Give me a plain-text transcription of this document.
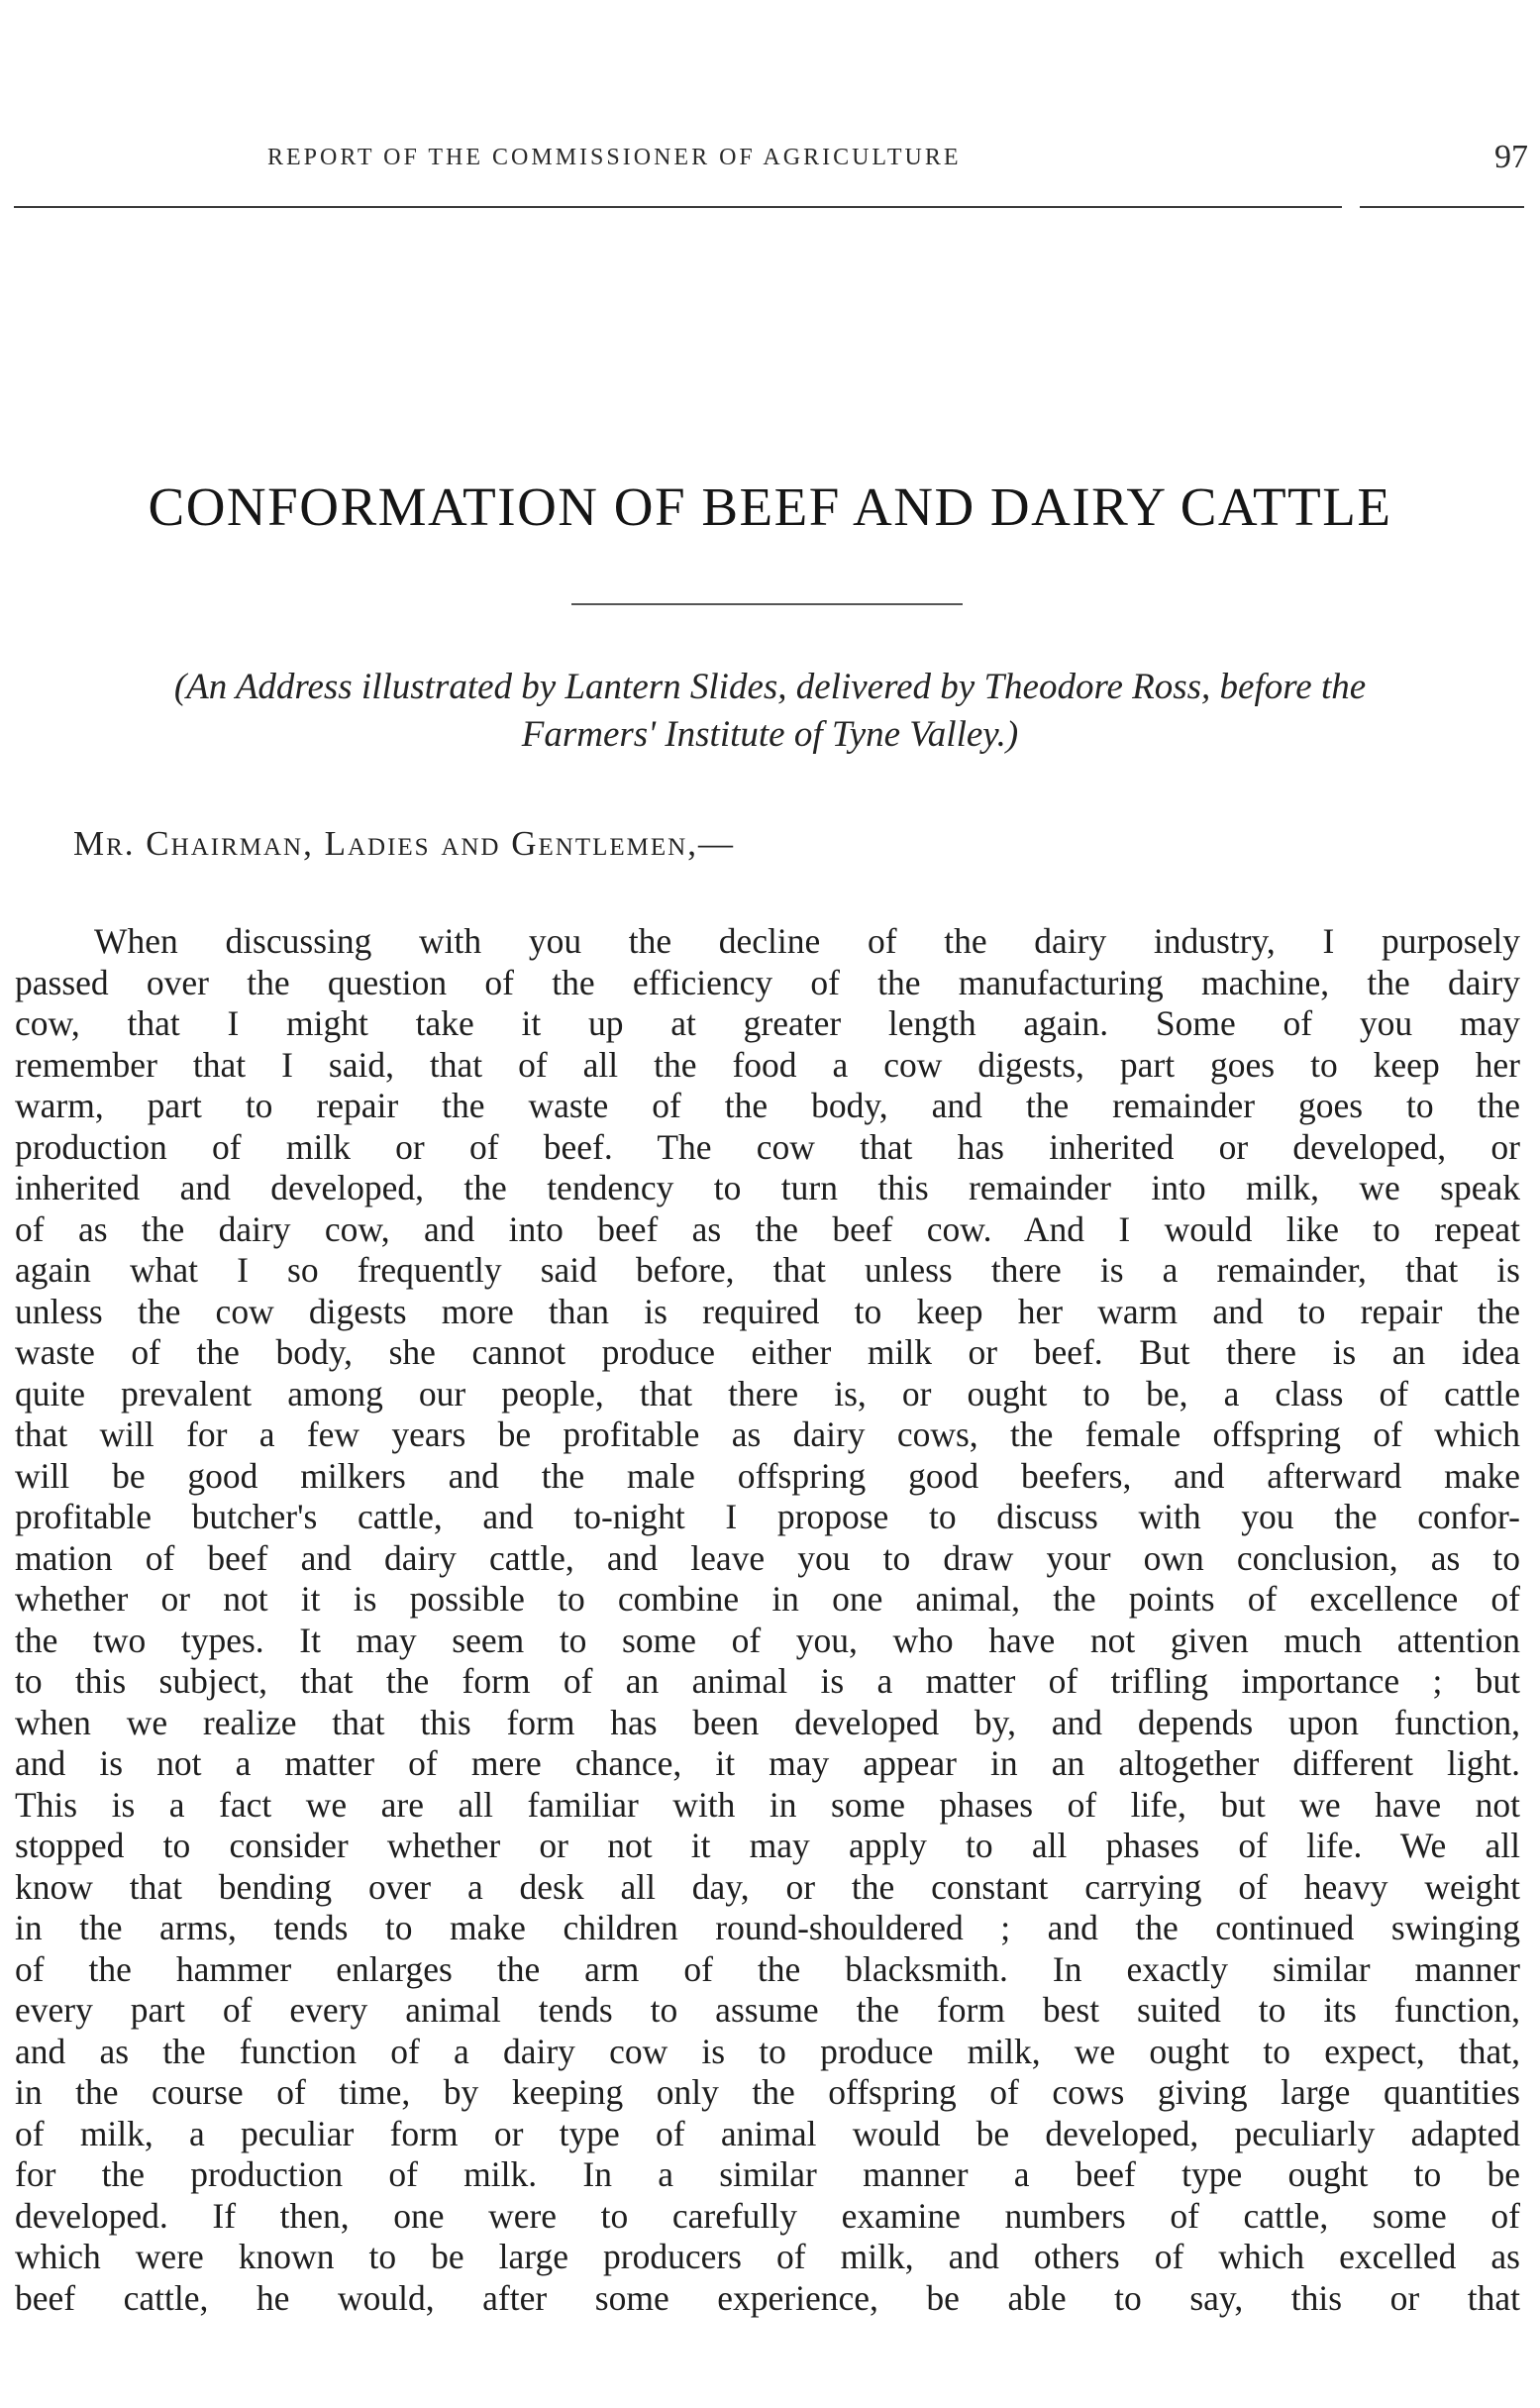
REPORT OF THE COMMISSIONER OF AGRICULTURE	97
CONFORMATION OF BEEF AND DAIRY CATTLE
(An Address illustrated by Lantern Slides, delivered by Theodore Ross, before the
Farmers' Institute of Tyne Valley.)
Mr. Chairman, Ladies and Gentlemen,—
When discussing with you the decline of the dairy industry, I purposely
passed over the question of the efficiency of the manufacturing machine, the dairy
cow, that I might take it up at greater length again. Some of you may
remember that I said, that of all the food a cow digests, part goes to keep her
warm, part to repair the waste of the body, and the remainder goes to the
production of milk or of beef. The cow that has inherited or developed, or
inherited and developed, the tendency to turn this remainder into milk, we speak
of as the dairy cow, and into beef as the beef cow. And I would like to repeat
again what I so frequently said before, that unless there is a remainder, that is
unless the cow digests more than is required to keep her warm and to repair the
waste of the body, she cannot produce either milk or beef. But there is an idea
quite prevalent among our people, that there is, or ought to be, a class of cattle
that will for a few years be profitable as dairy cows, the female offspring of which
will be good milkers and the male offspring good beefers, and afterward make
profitable butcher's cattle, and to-night I propose to discuss with you the confor-
mation of beef and dairy cattle, and leave you to draw your own conclusion, as to
whether or not it is possible to combine in one animal, the points of excellence of
the two types. It may seem to some of you, who have not given much attention
to this subject, that the form of an animal is a matter of trifling importance ; but
when we realize that this form has been developed by, and depends upon function,
and is not a matter of mere chance, it may appear in an altogether different light.
This is a fact we are all familiar with in some phases of life, but we have not
stopped to consider whether or not it may apply to all phases of life. We all
know that bending over a desk all day, or the constant carrying of heavy weight
in the arms, tends to make children round-shouldered ; and the continued swinging
of the hammer enlarges the arm of the blacksmith. In exactly similar manner
every part of every animal tends to assume the form best suited to its function,
and as the function of a dairy cow is to produce milk, we ought to expect, that,
in the course of time, by keeping only the offspring of cows giving large quantities
of milk, a peculiar form or type of animal would be developed, peculiarly adapted
for the production of milk. In a similar manner a beef type ought to be
developed. If then, one were to carefully examine numbers of cattle, some of
which were known to be large producers of milk, and others of which excelled as
beef cattle, he would, after some experience, be able to say, this or that
